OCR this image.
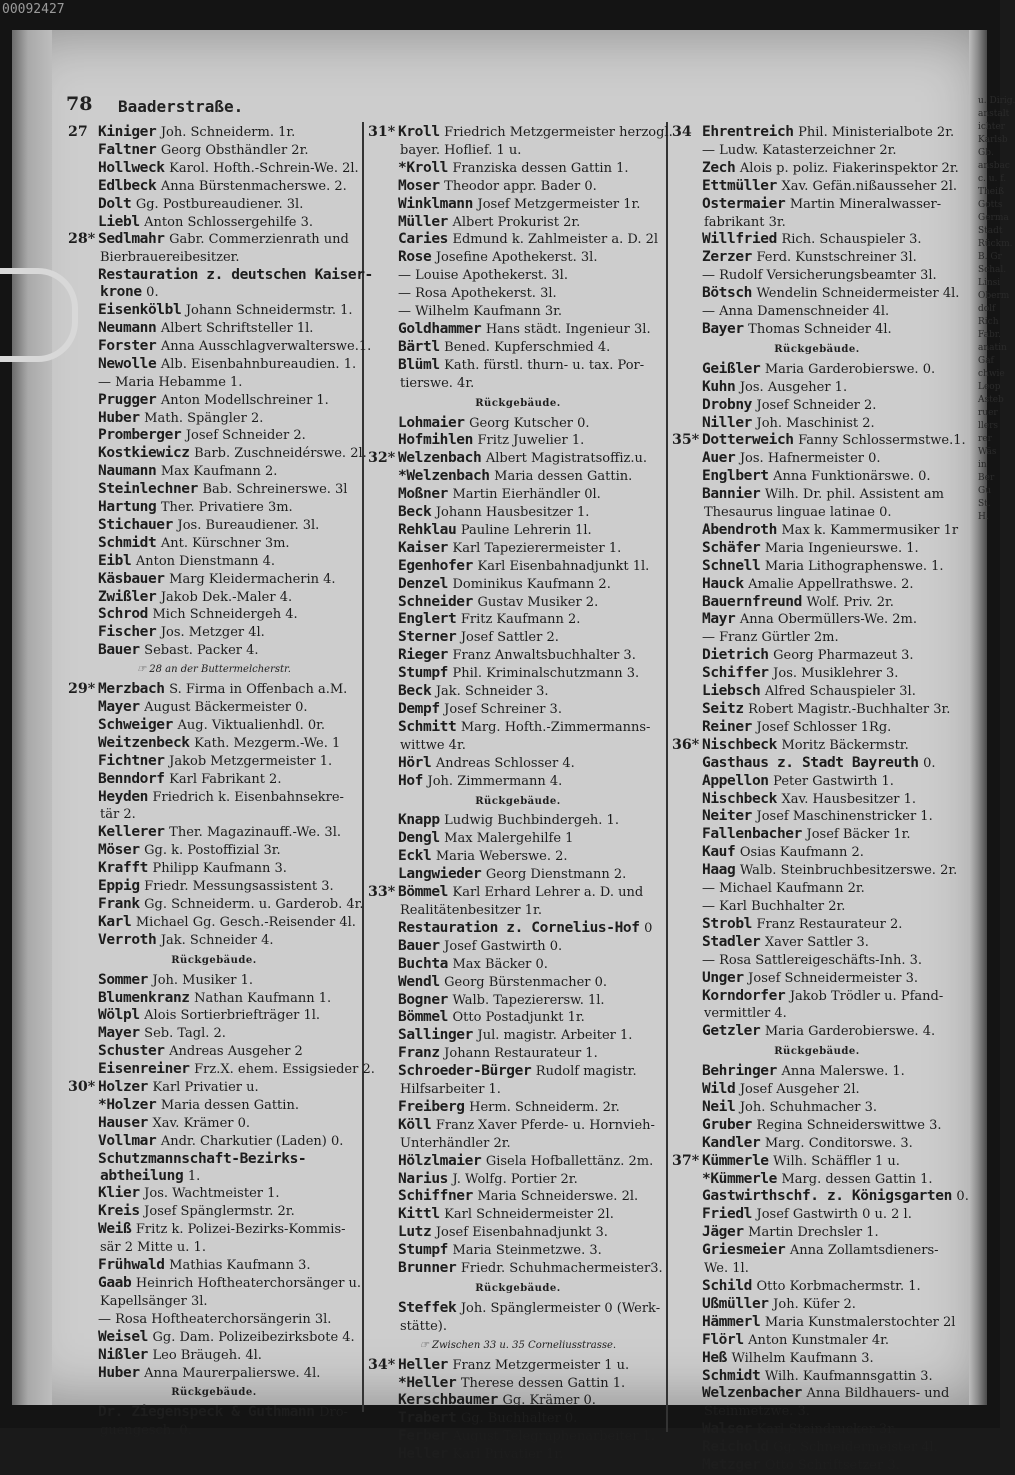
00092427
78 Baaderstraße.
27 Kiniger Joh. Schneiderm. 1r.
Faltner Georg Obsthändler 2r.
Hollweck Karol. Hofth.-Schrein-We. 2l.
Edlbeck Anna Bürstenmacherswe. 2.
Dolt Gg. Postbureaudiener. 3l.
Liebl Anton Schlossergehilfe 3.
28* Sedlmahr Gabr. Commerzienrath und
Bierbrauereibesitzer.
Restauration z. deutschen Kaiser-
krone 0.
Eisenkölbl Johann Schneidermstr. 1.
Neumann Albert Schriftsteller 1l.
Forster Anna Ausschlagverwalterswe.1.
Newolle Alb. Eisenbahnbureaudien. 1.
— Maria Hebamme 1.
Prugger Anton Modellschreiner 1.
Huber Math. Spängler 2.
Promberger Josef Schneider 2.
Kostkiewicz Barb. Zuschneidérswe. 2l.
Naumann Max Kaufmann 2.
Steinlechner Bab. Schreinerswe. 3l
Hartung Ther. Privatiere 3m.
Stichauer Jos. Bureaudiener. 3l.
Schmidt Ant. Kürschner 3m.
Eibl Anton Dienstmann 4.
Käsbauer Marg Kleidermacherin 4.
Zwißler Jakob Dek.-Maler 4.
Schrod Mich Schneidergeh 4.
Fischer Jos. Metzger 4l.
Bauer Sebast. Packer 4.
☞ 28 an der Buttermelcherstr.
29* Merzbach S. Firma in Offenbach a.M.
Mayer August Bäckermeister 0.
Schweiger Aug. Viktualienhdl. 0r.
Weitzenbeck Kath. Mezgerm.-We. 1
Fichtner Jakob Metzgermeister 1.
Benndorf Karl Fabrikant 2.
Heyden Friedrich k. Eisenbahnsekre-
tär 2.
Kellerer Ther. Magazinauff.-We. 3l.
Möser Gg. k. Postoffizial 3r.
Krafft Philipp Kaufmann 3.
Eppig Friedr. Messungsassistent 3.
Frank Gg. Schneiderm. u. Garderob. 4r.
Karl Michael Gg. Gesch.-Reisender 4l.
Verroth Jak. Schneider 4.
Rückgebäude.
Sommer Joh. Musiker 1.
Blumenkranz Nathan Kaufmann 1.
Wölpl Alois Sortierbriefträger 1l.
Mayer Seb. Tagl. 2.
Schuster Andreas Ausgeher 2
Eisenreiner Frz.X. ehem. Essigsieder 2.
30* Holzer Karl Privatier u.
*Holzer Maria dessen Gattin.
Hauser Xav. Krämer 0.
Vollmar Andr. Charkutier (Laden) 0.
Schutzmannschaft-Bezirks-
abtheilung 1.
Klier Jos. Wachtmeister 1.
Kreis Josef Spänglermstr. 2r.
Weiß Fritz k. Polizei-Bezirks-Kommis-
sär 2 Mitte u. 1.
Frühwald Mathias Kaufmann 3.
Gaab Heinrich Hoftheaterchorsänger u.
Kapellsänger 3l.
— Rosa Hoftheaterchorsängerin 3l.
Weisel Gg. Dam. Polizeibezirksbote 4.
Nißler Leo Bräugeh. 4l.
Huber Anna Maurerpalierswe. 4l.
Rückgebäude.
Dr. Ziegenspeck & Guthmann Dro-
guengesch. 0.
31* Kroll Friedrich Metzgermeister herzogl.
bayer. Hoflief. 1 u.
*Kroll Franziska dessen Gattin 1.
Moser Theodor appr. Bader 0.
Winklmann Josef Metzgermeister 1r.
Müller Albert Prokurist 2r.
Caries Edmund k. Zahlmeister a. D. 2l
Rose Josefine Apothekerst. 3l.
— Louise Apothekerst. 3l.
— Rosa Apothekerst. 3l.
— Wilhelm Kaufmann 3r.
Goldhammer Hans städt. Ingenieur 3l.
Bärtl Bened. Kupferschmied 4.
Blüml Kath. fürstl. thurn- u. tax. Por-
tierswe. 4r.
Rückgebäude.
Lohmaier Georg Kutscher 0.
Hofmihlen Fritz Juwelier 1.
32* Welzenbach Albert Magistratsoffiz.u.
*Welzenbach Maria dessen Gattin.
Moßner Martin Eierhändler 0l.
Beck Johann Hausbesitzer 1.
Rehklau Pauline Lehrerin 1l.
Kaiser Karl Tapezierermeister 1.
Egenhofer Karl Eisenbahnadjunkt 1l.
Denzel Dominikus Kaufmann 2.
Schneider Gustav Musiker 2.
Englert Fritz Kaufmann 2.
Sterner Josef Sattler 2.
Rieger Franz Anwaltsbuchhalter 3.
Stumpf Phil. Kriminalschutzmann 3.
Beck Jak. Schneider 3.
Dempf Josef Schreiner 3.
Schmitt Marg. Hofth.-Zimmermanns-
wittwe 4r.
Hörl Andreas Schlosser 4.
Hof Joh. Zimmermann 4.
Rückgebäude.
Knapp Ludwig Buchbindergeh. 1.
Dengl Max Malergehilfe 1
Eckl Maria Weberswe. 2.
Langwieder Georg Dienstmann 2.
33* Bömmel Karl Erhard Lehrer a. D. und
Realitätenbesitzer 1r.
Restauration z. Cornelius-Hof 0
Bauer Josef Gastwirth 0.
Buchta Max Bäcker 0.
Wendl Georg Bürstenmacher 0.
Bogner Walb. Tapezierersw. 1l.
Bömmel Otto Postadjunkt 1r.
Sallinger Jul. magistr. Arbeiter 1.
Franz Johann Restaurateur 1.
Schroeder-Bürger Rudolf magistr.
Hilfsarbeiter 1.
Freiberg Herm. Schneiderm. 2r.
Köll Franz Xaver Pferde- u. Hornvieh-
Unterhändler 2r.
Hölzlmaier Gisela Hofballettänz. 2m.
Narius J. Wolfg. Portier 2r.
Schiffner Maria Schneiderswe. 2l.
Kittl Karl Schneidermeister 2l.
Lutz Josef Eisenbahnadjunkt 3.
Stumpf Maria Steinmetzwe. 3.
Brunner Friedr. Schuhmachermeister3.
Rückgebäude.
Steffek Joh. Spänglermeister 0 (Werk-
stätte).
☞ Zwischen 33 u. 35 Corneliusstrasse.
34* Heller Franz Metzgermeister 1 u.
*Heller Therese dessen Gattin 1.
Kerschbaumer Gg. Krämer 0.
Trabert Gg. Buchhalter 0.
Ferber August Telegraphenarbeiter 1.
Heller Karl Privatier 1r.
34 Ehrentreich Phil. Ministerialbote 2r.
— Ludw. Katasterzeichner 2r.
Zech Alois p. poliz. Fiakerinspektor 2r.
Ettmüller Xav. Gefän.nißausseher 2l.
Ostermaier Martin Mineralwasser-
fabrikant 3r.
Willfried Rich. Schauspieler 3.
Zerzer Ferd. Kunstschreiner 3l.
— Rudolf Versicherungsbeamter 3l.
Bötsch Wendelin Schneidermeister 4l.
— Anna Damenschneider 4l.
Bayer Thomas Schneider 4l.
Rückgebäude.
Geißler Maria Garderobierswe. 0.
Kuhn Jos. Ausgeher 1.
Drobny Josef Schneider 2.
Niller Joh. Maschinist 2.
35* Dotterweich Fanny Schlossermstwe.1.
Auer Jos. Hafnermeister 0.
Englbert Anna Funktionärswe. 0.
Bannier Wilh. Dr. phil. Assistent am
Thesaurus linguae latinae 0.
Abendroth Max k. Kammermusiker 1r
Schäfer Maria Ingenieurswe. 1.
Schnell Maria Lithographenswe. 1.
Hauck Amalie Appellrathswe. 2.
Bauernfreund Wolf. Priv. 2r.
Mayr Anna Obermüllers-We. 2m.
— Franz Gürtler 2m.
Dietrich Georg Pharmazeut 3.
Schiffer Jos. Musiklehrer 3.
Liebsch Alfred Schauspieler 3l.
Seitz Robert Magistr.-Buchhalter 3r.
Reiner Josef Schlosser 1Rg.
36* Nischbeck Moritz Bäckermstr.
Gasthaus z. Stadt Bayreuth 0.
Appellon Peter Gastwirth 1.
Nischbeck Xav. Hausbesitzer 1.
Neiter Josef Maschinenstricker 1.
Fallenbacher Josef Bäcker 1r.
Kauf Osias Kaufmann 2.
Haag Walb. Steinbruchbesitzerswe. 2r.
— Michael Kaufmann 2r.
— Karl Buchhalter 2r.
Strobl Franz Restaurateur 2.
Stadler Xaver Sattler 3.
— Rosa Sattlereigeschäfts-Inh. 3.
Unger Josef Schneidermeister 3.
Korndorfer Jakob Trödler u. Pfand-
vermittler 4.
Getzler Maria Garderobierswe. 4.
Rückgebäude.
Behringer Anna Malerswe. 1.
Wild Josef Ausgeher 2l.
Neil Joh. Schuhmacher 3.
Gruber Regina Schneiderswittwe 3.
Kandler Marg. Conditorswe. 3.
37* Kümmerle Wilh. Schäffler 1 u.
*Kümmerle Marg. dessen Gattin 1.
Gastwirthschf. z. Königsgarten 0.
Friedl Josef Gastwirth 0 u. 2 l.
Jäger Martin Drechsler 1.
Griesmeier Anna Zollamtsdieners-
We. 1l.
Schild Otto Korbmachermstr. 1.
Ußmüller Joh. Küfer 2.
Hämmerl Maria Kunstmalerstochter 2l
Flörl Anton Kunstmaler 4r.
Heß Wilhelm Kaufmann 3.
Schmidt Wilh. Kaufmannsgattin 3.
Welzenbacher Anna Bildhauers- und
Steinmetzwe. 3.
Walser Karl Steindrucker 3r.
Reichold Gg. Schneidermeister 4l.
Metzger Otto Schriftsetzer 3.
u. Dirig.
anstalt
ichter
Karlsb
Gb.
ansbac
c. u. f.
Theiß
Gotts
Germa
Stadt
Rückm.
B. Gr
Schal.
Linsi
Oberm
dolf
Rich
Fabr.
anatin
Gaf
chwie
Leop
Asteb
ruer
llers
rer
Wäs
in
Ber
Gu
St.
H.
